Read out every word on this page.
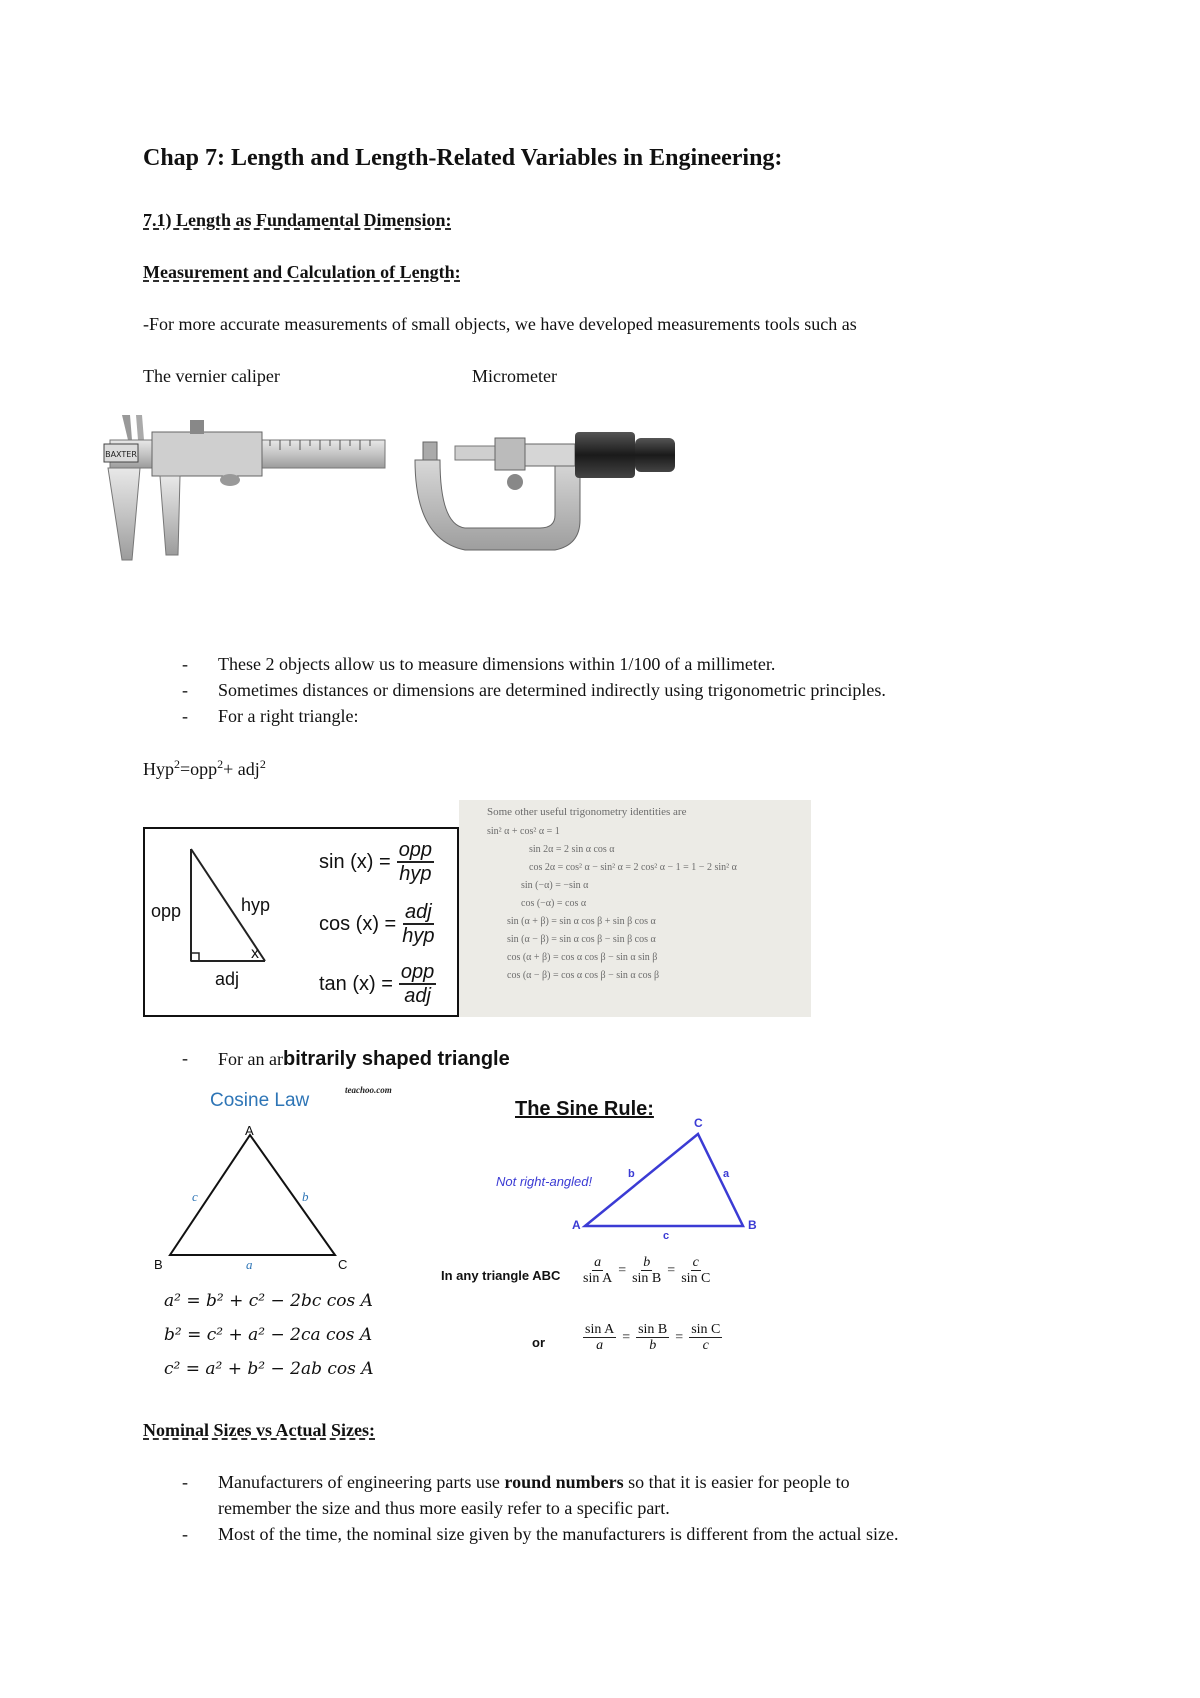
Chap 7: Length and Length-Related Variables in Engineering:
7.1) Length as Fundamental Dimension:
Measurement and Calculation of Length:
-For more accurate measurements of small objects, we have developed measurements tools such as
The vernier caliper	Micrometer
BAXTER
- These 2 objects allow us to measure dimensions within 1/100 of a millimeter.
- Sometimes distances or dimensions are determined indirectly using trigonometric principles.
- For a right triangle:
Hyp$^2$=opp$^2$+ adj$^2$
opp	hyp
adj
x
$\sin (x) = \frac{\text{opp}}{\text{hyp}}$
$\cos (x) = \frac{\text{adj}}{\text{hyp}}$
$\tan (x) = \frac{\text{opp}}{\text{adj}}$
Some other useful trigonometry identities are
sin² α + cos² α = 1
sin 2α = 2 sin α cos α
cos 2α = cos² α − sin² α = 2 cos² α − 1 = 1 − 2 sin² α
sin (−α) = −sin α
cos (−α) = cos α
sin (α + β) = sin α cos β + sin β cos α
sin (α − β) = sin α cos β − sin β cos α
cos (α + β) = cos α cos β − sin α sin β
cos (α − β) = cos α cos β − sin α cos β
- For an arbitrarily shaped triangle
Cosine Law	teachoo.com
A
B	C
c	b
a
a² = b² + c² − 2bc cos A
b² = c² + a² − 2ca cos A
c² = a² + b² − 2ab cos A
The Sine Rule:
C
A	B
b	a
c
Not right-angled!
In any triangle ABC $\frac{a}{\text{sin A}} = \frac{b}{\text{sin B}} = \frac{c}{\text{sin C}}$
or	$\frac{\text{sin A}}{a} = \frac{\text{sin B}}{b} = \frac{\text{sin C}}{c}$
Nominal Sizes vs Actual Sizes:
- Manufacturers of engineering parts use round numbers so that it is easier for people to
remember the size and thus more easily refer to a specific part.
- Most of the time, the nominal size given by the manufacturers is different from the actual size.
